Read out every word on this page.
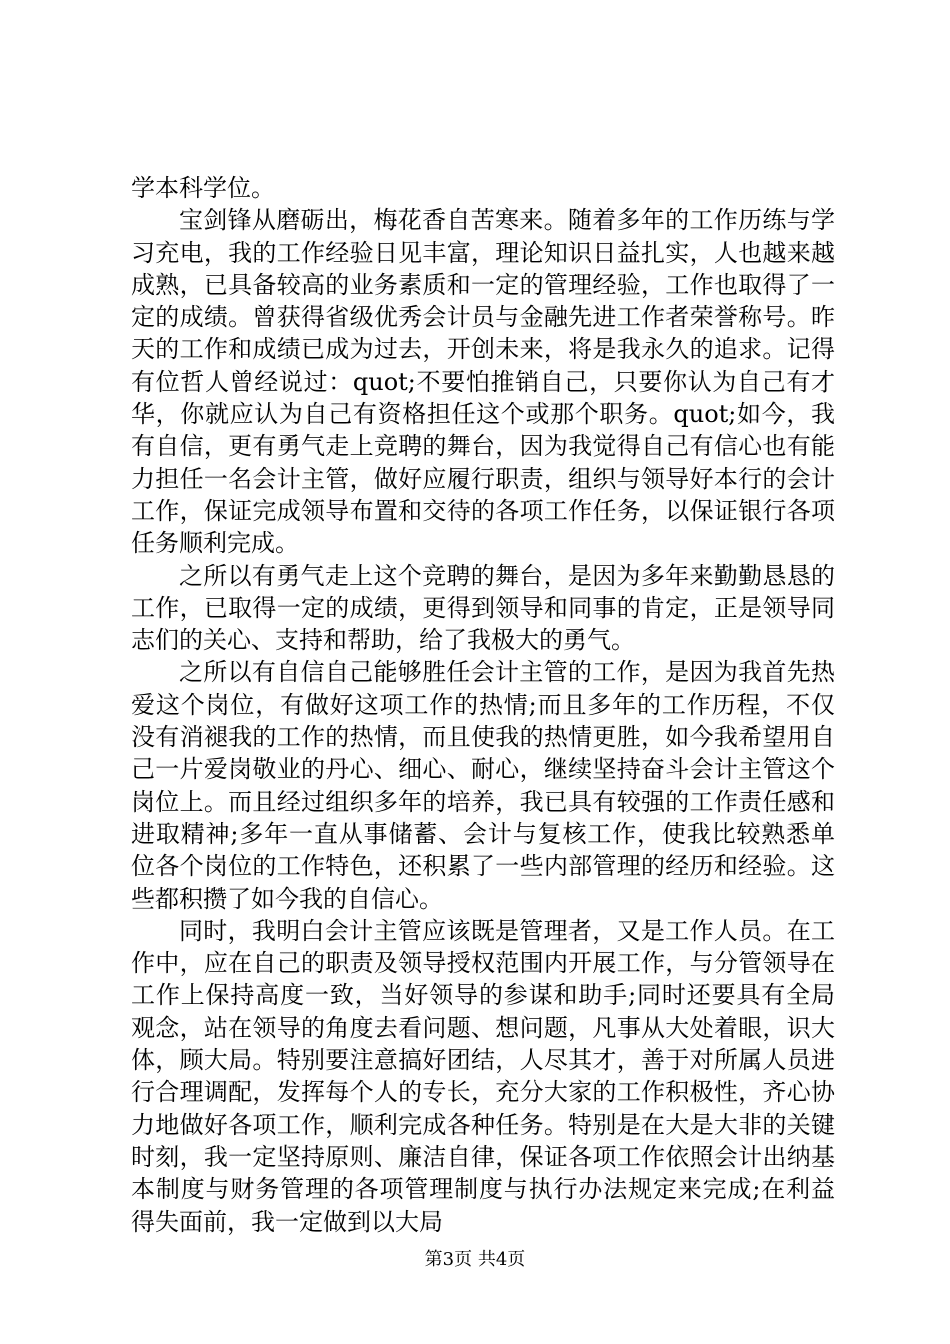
学本科学位。

宝剑锋从磨砺出，梅花香自苦寒来。随着多年的工作历练与学习充电，我的工作经验日见丰富，理论知识日益扎实，人也越来越成熟，已具备较高的业务素质和一定的管理经验，工作也取得了一定的成绩。曾获得省级优秀会计员与金融先进工作者荣誉称号。昨天的工作和成绩已成为过去，开创未来，将是我永久的追求。记得有位哲人曾经说过：quot;不要怕推销自己，只要你认为自己有才华，你就应认为自己有资格担任这个或那个职务。quot;如今，我有自信，更有勇气走上竞聘的舞台，因为我觉得自己有信心也有能力担任一名会计主管，做好应履行职责，组织与领导好本行的会计工作，保证完成领导布置和交待的各项工作任务，以保证银行各项任务顺利完成。

之所以有勇气走上这个竞聘的舞台，是因为多年来勤勤恳恳的工作，已取得一定的成绩，更得到领导和同事的肯定，正是领导同志们的关心、支持和帮助，给了我极大的勇气。

之所以有自信自己能够胜任会计主管的工作，是因为我首先热爱这个岗位，有做好这项工作的热情;而且多年的工作历程，不仅没有消褪我的工作的热情，而且使我的热情更胜，如今我希望用自己一片爱岗敬业的丹心、细心、耐心，继续坚持奋斗会计主管这个岗位上。而且经过组织多年的培养，我已具有较强的工作责任感和进取精神;多年一直从事储蓄、会计与复核工作，使我比较熟悉单位各个岗位的工作特色，还积累了一些内部管理的经历和经验。这些都积攒了如今我的自信心。

同时，我明白会计主管应该既是管理者，又是工作人员。在工作中，应在自己的职责及领导授权范围内开展工作，与分管领导在工作上保持高度一致，当好领导的参谋和助手;同时还要具有全局观念，站在领导的角度去看问题、想问题，凡事从大处着眼，识大体，顾大局。特别要注意搞好团结，人尽其才，善于对所属人员进行合理调配，发挥每个人的专长，充分大家的工作积极性，齐心协力地做好各项工作，顺利完成各种任务。特别是在大是大非的关键时刻，我一定坚持原则、廉洁自律，保证各项工作依照会计出纳基本制度与财务管理的各项管理制度与执行办法规定来完成;在利益得失面前，我一定做到以大局

第3页 共4页
